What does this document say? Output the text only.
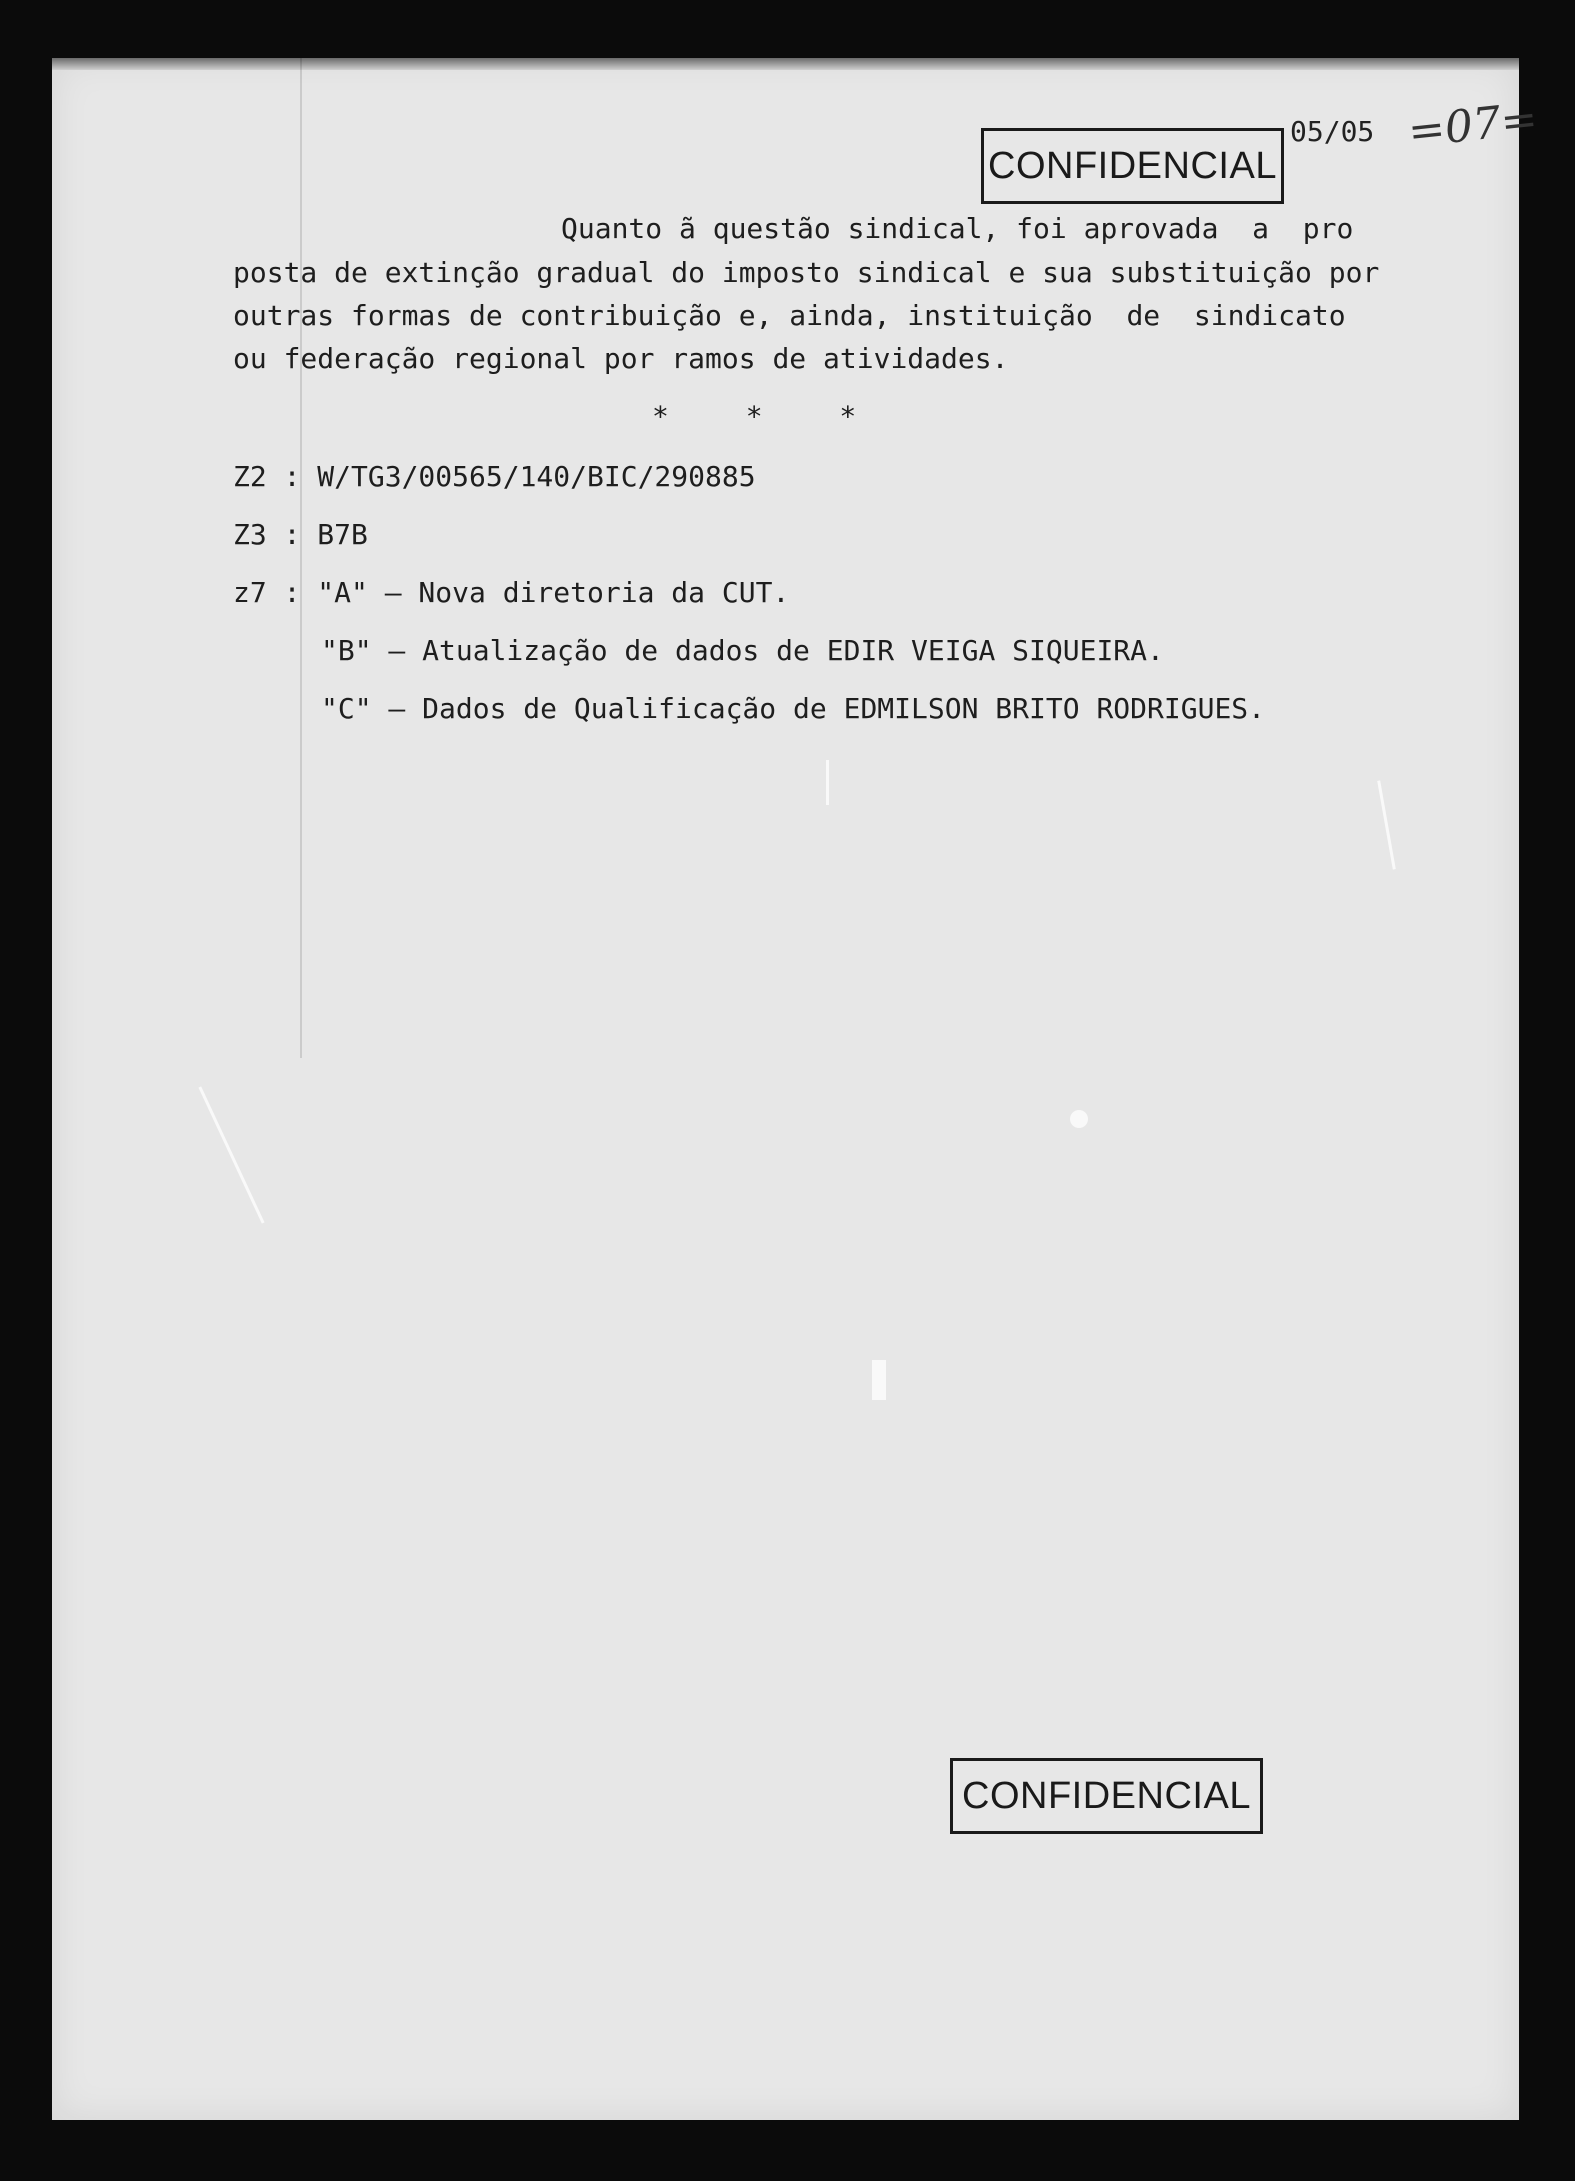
CONFIDENCIAL
05/05 =07=
Quanto ã questão sindical, foi aprovada  a  pro
posta de extinção gradual do imposto sindical e sua substituição por
outras formas de contribuição e, ainda, instituição  de  sindicato
ou federação regional por ramos de atividades.
* * *
Z2 : W/TG3/00565/140/BIC/290885
Z3 : B7B
z7 : "A" – Nova diretoria da CUT.
"B" – Atualização de dados de EDIR VEIGA SIQUEIRA.
"C" – Dados de Qualificação de EDMILSON BRITO RODRIGUES.
CONFIDENCIAL
